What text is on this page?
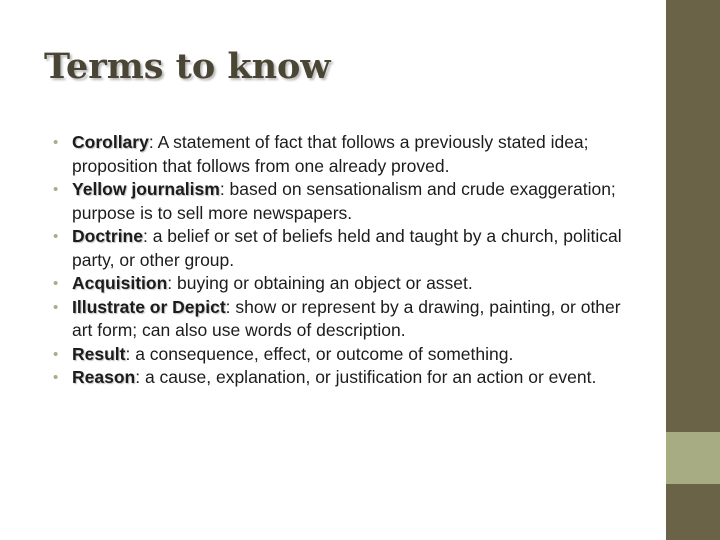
Terms to know
• Corollary: A statement of fact that follows a previously stated idea; proposition that follows from one already proved.
• Yellow journalism: based on sensationalism and crude exaggeration; purpose is to sell more newspapers.
• Doctrine: a belief or set of beliefs held and taught by a church, political party, or other group.
• Acquisition: buying or obtaining an object or asset.
• Illustrate or Depict: show or represent by a drawing, painting, or other art form; can also use words of description.
• Result: a consequence, effect, or outcome of something.
• Reason: a cause, explanation, or justification for an action or event.
